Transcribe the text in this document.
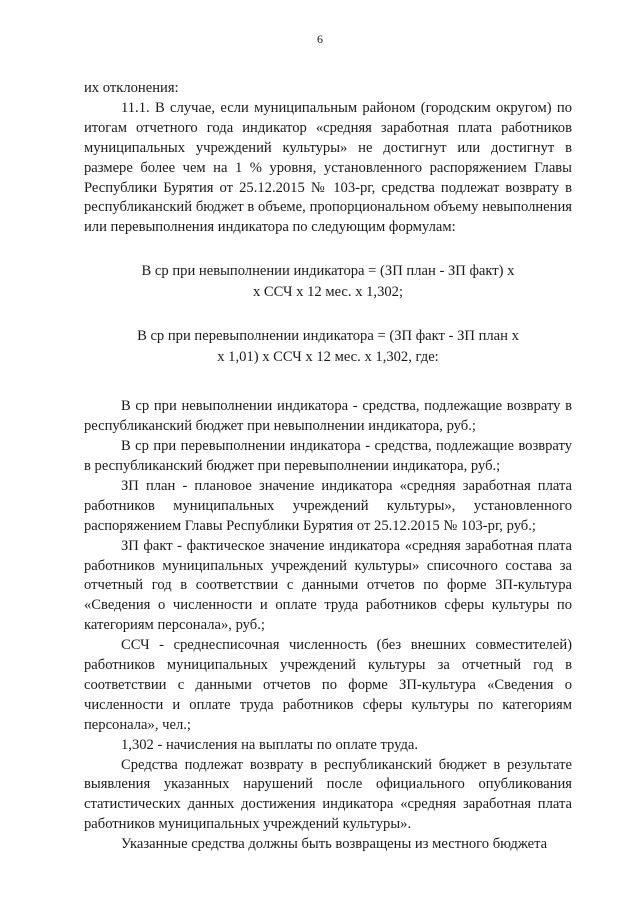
6

их отклонения:

11.1. В случае, если муниципальным районом (городским округом) по итогам отчетного года индикатор «средняя заработная плата работников муниципальных учреждений культуры» не достигнут или достигнут в размере более чем на 1 % уровня, установленного распоряжением Главы Республики Бурятия от 25.12.2015 № 103-рг, средства подлежат возврату в республиканский бюджет в объеме, пропорциональном объему невыполнения или перевыполнения индикатора по следующим формулам:

В ср при невыполнении индикатора = (ЗП план - ЗП факт) х

х ССЧ х 12 мес. х 1,302;

В ср при перевыполнении индикатора = (ЗП факт - ЗП план х

х 1,01) х ССЧ х 12 мес. х 1,302, где:

В ср при невыполнении индикатора - средства, подлежащие возврату в республиканский бюджет при невыполнении индикатора, руб.;

В ср при перевыполнении индикатора - средства, подлежащие возврату в республиканский бюджет при перевыполнении индикатора, руб.;

ЗП план - плановое значение индикатора «средняя заработная плата работников муниципальных учреждений культуры», установленного распоряжением Главы Республики Бурятия от 25.12.2015 № 103-рг, руб.;

ЗП факт - фактическое значение индикатора «средняя заработная плата работников муниципальных учреждений культуры» списочного состава за отчетный год в соответствии с данными отчетов по форме ЗП-культура «Сведения о численности и оплате труда работников сферы культуры по категориям персонала», руб.;

ССЧ - среднесписочная численность (без внешних совместителей) работников муниципальных учреждений культуры за отчетный год в соответствии с данными отчетов по форме ЗП-культура «Сведения о численности и оплате труда работников сферы культуры по категориям персонала», чел.;

1,302 - начисления на выплаты по оплате труда.

Средства подлежат возврату в республиканский бюджет в результате выявления указанных нарушений после официального опубликования статистических данных достижения индикатора «средняя заработная плата работников муниципальных учреждений культуры».

Указанные средства должны быть возвращены из местного бюджета
